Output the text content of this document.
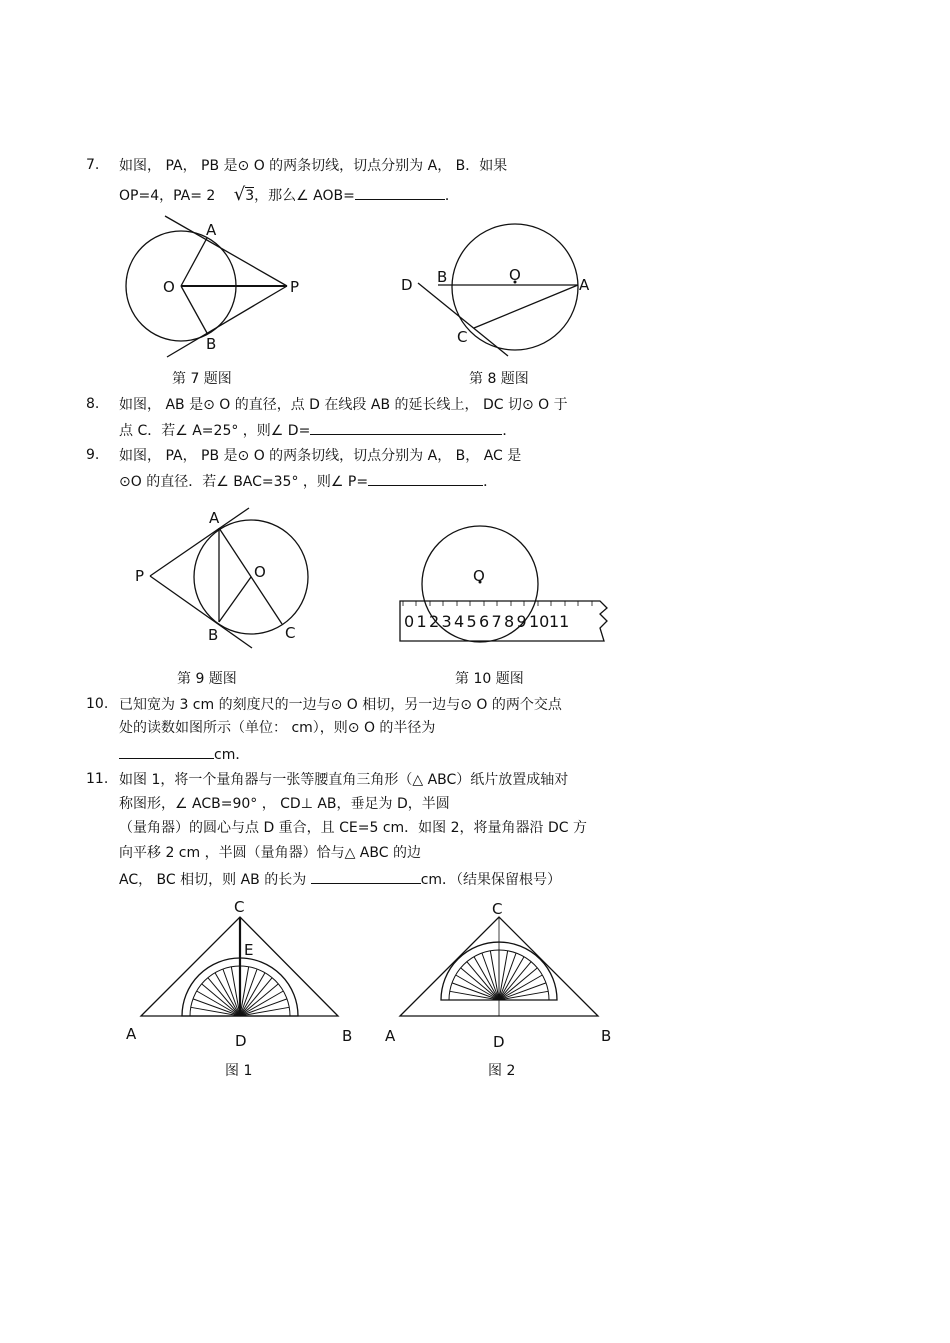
7. 如图， PA， PB 是⊙ O 的两条切线，切点分别为 A， B．如果
OP=4，PA= 2 √3，那么∠ AOB=	．
A
O	P
B
B	O
A
D
C
第 7 题图	第 8 题图
8. 如图， AB 是⊙ O 的直径，点 D 在线段 AB 的延长线上， DC 切⊙ O 于
点 C．若∠ A=25° ，则∠ D=	．
9. 如图， PA， PB 是⊙ O 的两条切线，切点分别为 A， B， AC 是
⊙O 的直径．若∠ BAC=35° ，则∠ P=	．
A
P	O
B	C
O
0 1 2 3 4 5 6 7 8 9 10 11
第 9 题图	第 10 题图
10. 已知宽为 3 cm 的刻度尺的一边与⊙ O 相切，另一边与⊙ O 的两个交点
处的读数如图所示（单位： cm），则⊙ O 的半径为
cm．
11. 如图 1，将一个量角器与一张等腰直角三角形（△ ABC）纸片放置成轴对
称图形，∠ ACB=90° ， CD⊥ AB，垂足为 D，半圆
（量角器）的圆心与点 D 重合，且 CE=5 cm．如图 2，将量角器沿 DC 方
向平移 2 cm ，半圆（量角器）恰与△ ABC 的边
AC， BC 相切，则 AB 的长为	cm．（结果保留根号）
E
C
A	D	B
C
A	D	B
图 1	图 2
